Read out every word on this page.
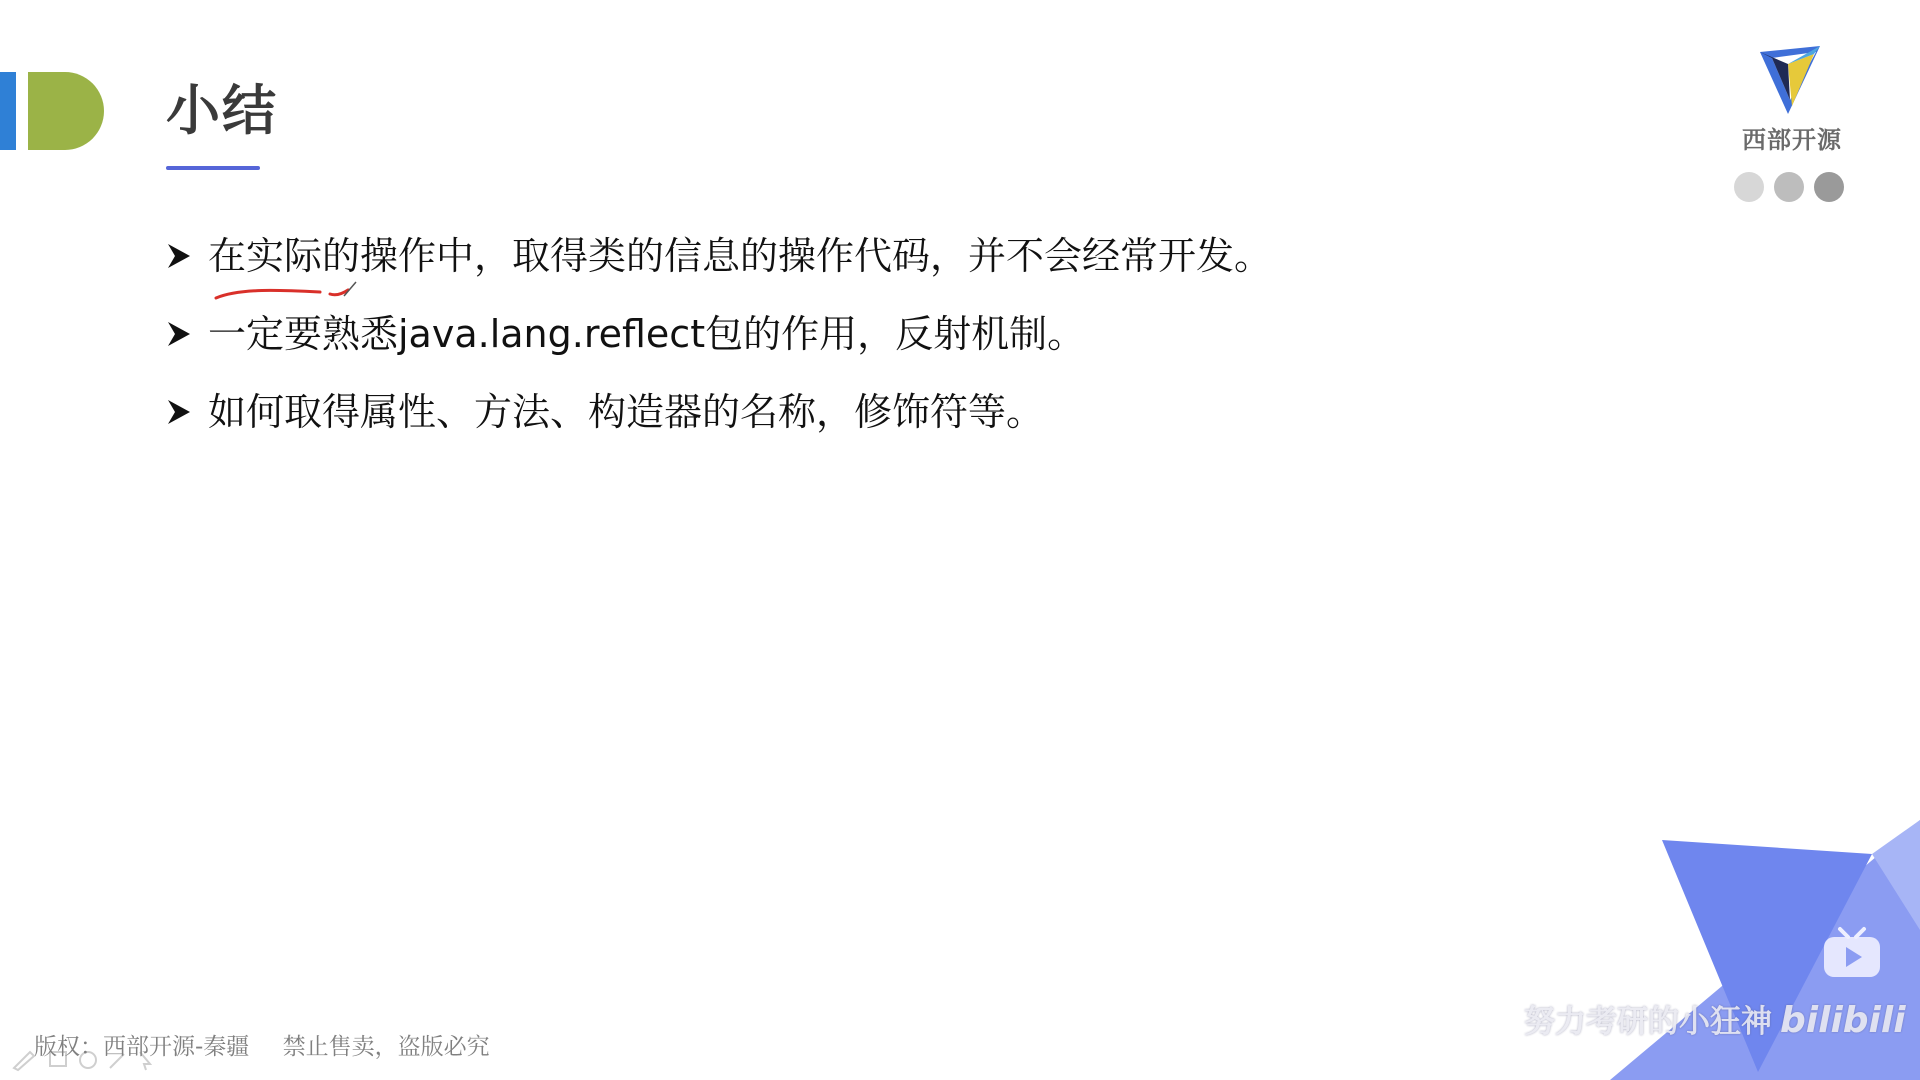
小结	西部开源
在实际的操作中，取得类的信息的操作代码，并不会经常开发。
一定要熟悉java.lang.reflect包的作用，反射机制。
如何取得属性、方法、构造器的名称，修饰符等。
版权：西部开源-秦疆 禁止售卖，盗版必究
努力考研的小狂神 bilibili
